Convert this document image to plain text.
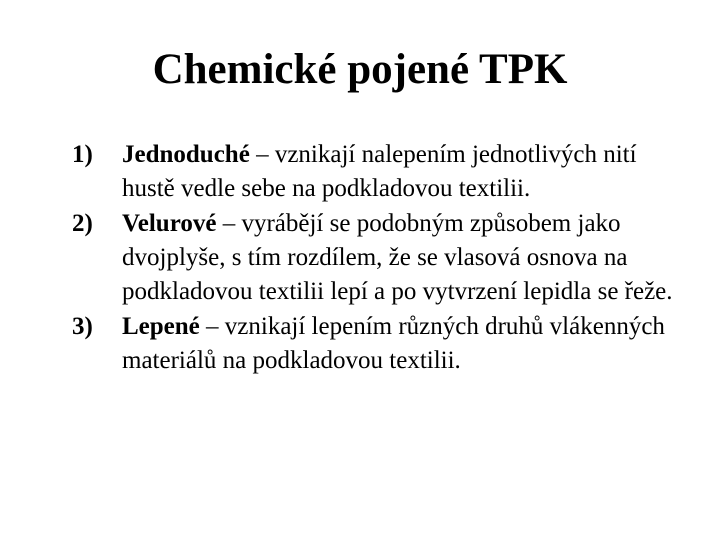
Chemické pojené TPK
1) Jednoduché – vznikají nalepením jednotlivých nití hustě vedle sebe na podkladovou textilii.
2) Velurové – vyrábějí se podobným způsobem jako dvojplyše, s tím rozdílem, že se vlasová osnova na podkladovou textilii lepí a po vytvrzení lepidla se řeže.
3) Lepené – vznikají lepením různých druhů vlákenných materiálů na podkladovou textilii.
